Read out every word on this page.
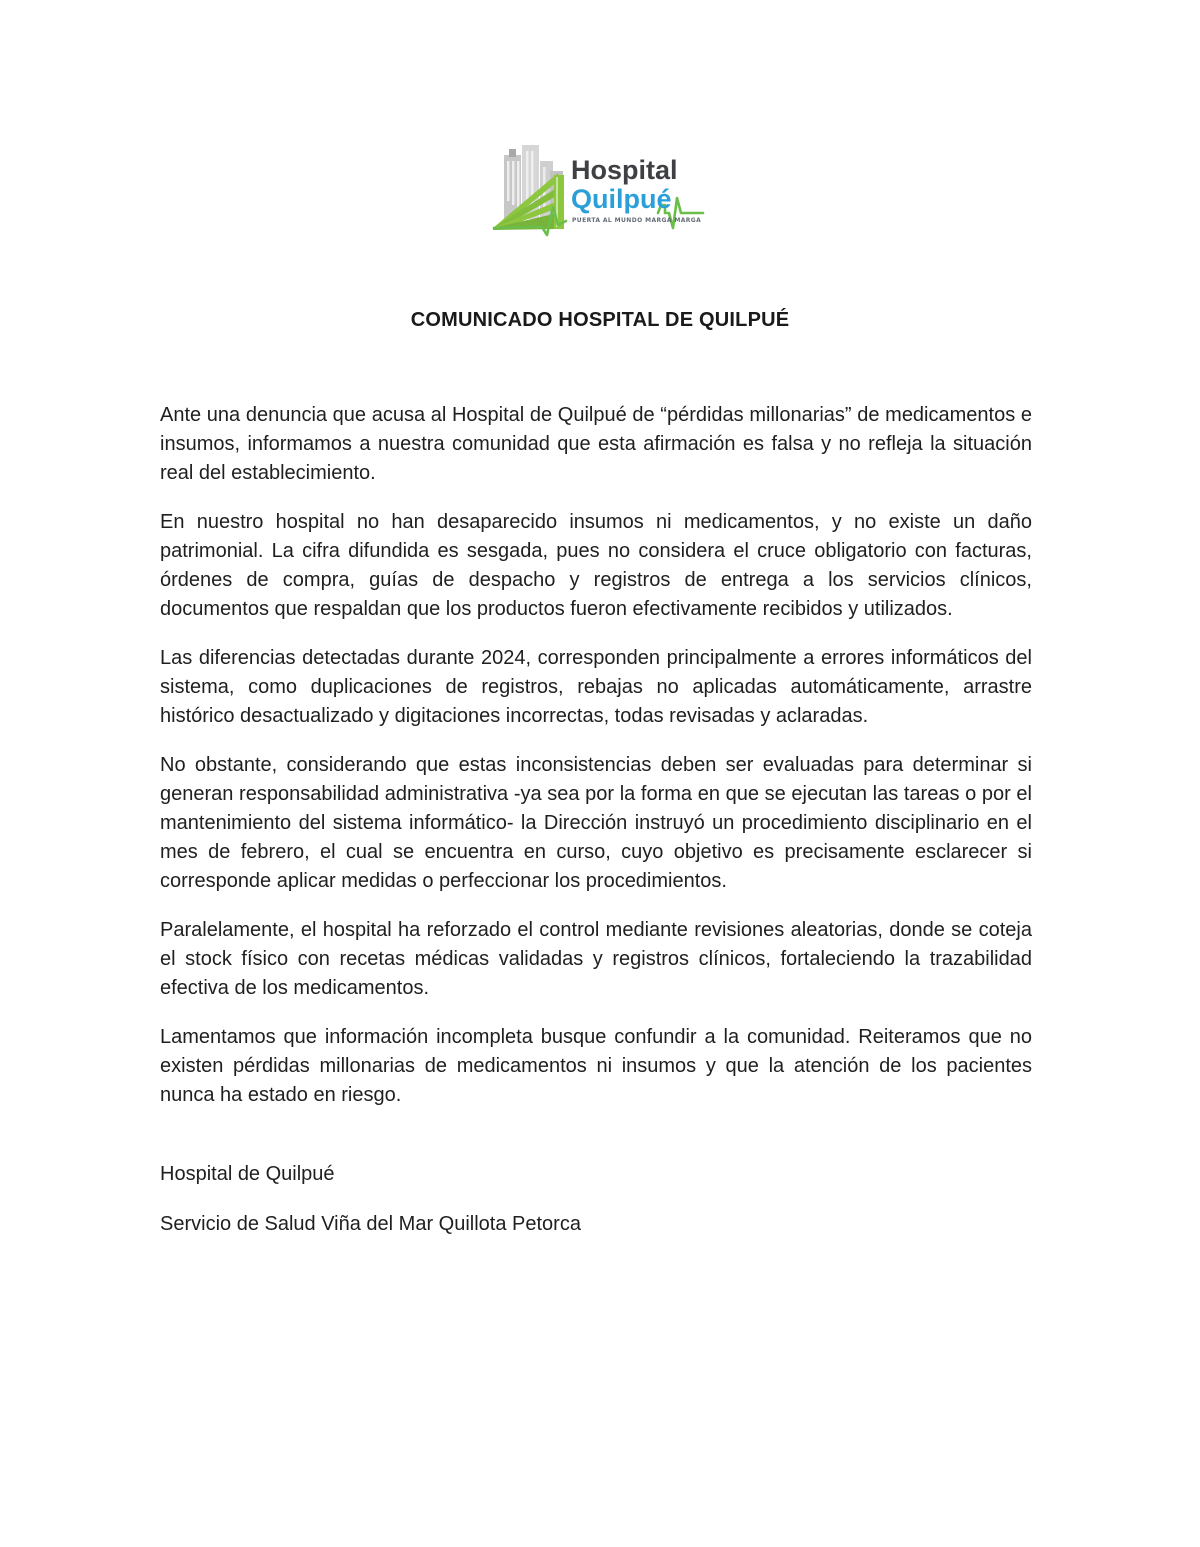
Hospital
Quilpué
PUERTA AL MUNDO MARGA MARGA
COMUNICADO HOSPITAL DE QUILPUÉ

Ante una denuncia que acusa al Hospital de Quilpué de “pérdidas millonarias” de medicamentos e insumos, informamos a nuestra comunidad que esta afirmación es falsa y no refleja la situación real del establecimiento.

En nuestro hospital no han desaparecido insumos ni medicamentos, y no existe un daño patrimonial. La cifra difundida es sesgada, pues no considera el cruce obligatorio con facturas, órdenes de compra, guías de despacho y registros de entrega a los servicios clínicos, documentos que respaldan que los productos fueron efectivamente recibidos y utilizados.

Las diferencias detectadas durante 2024, corresponden principalmente a errores informáticos del sistema, como duplicaciones de registros, rebajas no aplicadas automáticamente, arrastre histórico desactualizado y digitaciones incorrectas, todas revisadas y aclaradas.

No obstante, considerando que estas inconsistencias deben ser evaluadas para determinar si generan responsabilidad administrativa -ya sea por la forma en que se ejecutan las tareas o por el mantenimiento del sistema informático- la Dirección instruyó un procedimiento disciplinario en el mes de febrero, el cual se encuentra en curso, cuyo objetivo es precisamente esclarecer si corresponde aplicar medidas o perfeccionar los procedimientos.

Paralelamente, el hospital ha reforzado el control mediante revisiones aleatorias, donde se coteja el stock físico con recetas médicas validadas y registros clínicos, fortaleciendo la trazabilidad efectiva de los medicamentos.

Lamentamos que información incompleta busque confundir a la comunidad. Reiteramos que no existen pérdidas millonarias de medicamentos ni insumos y que la atención de los pacientes nunca ha estado en riesgo.

Hospital de Quilpué

Servicio de Salud Viña del Mar Quillota Petorca
